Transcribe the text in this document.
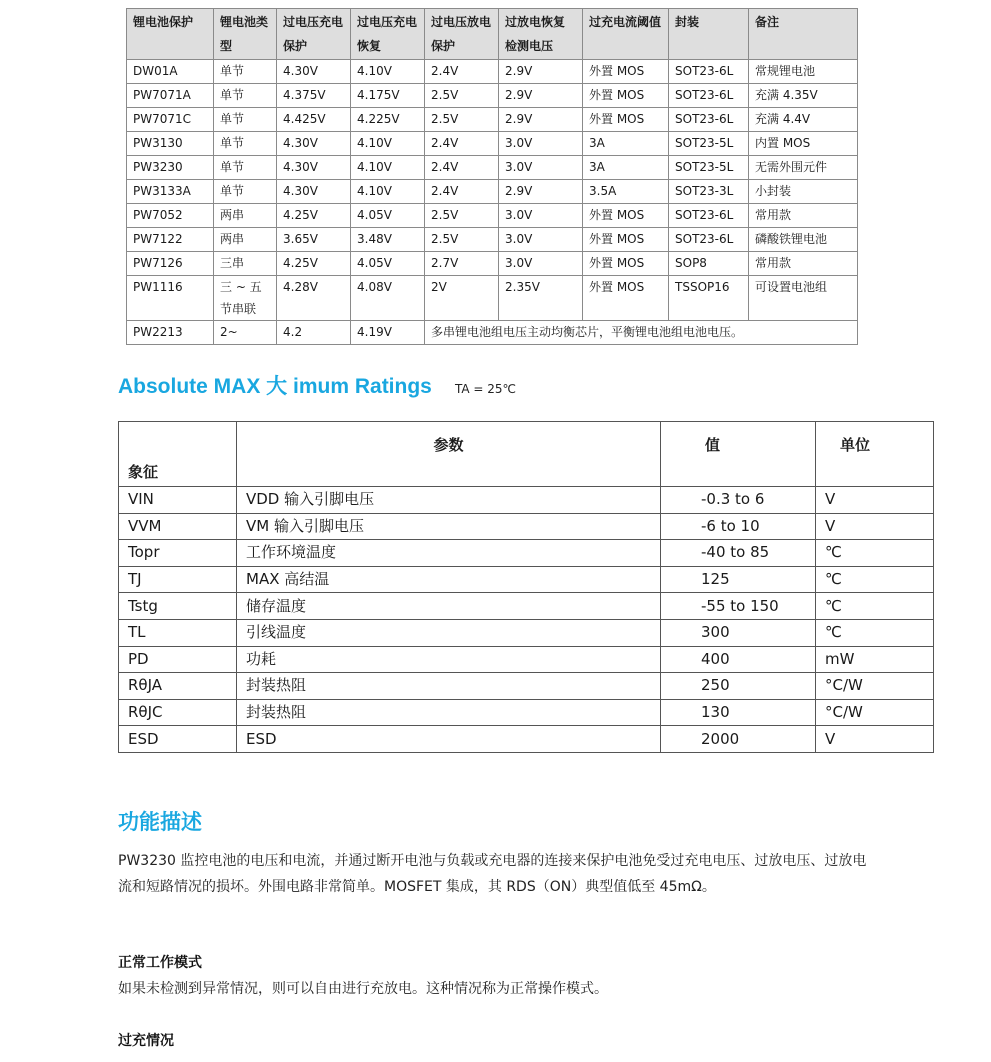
锂电池保护	锂电池类型	过电压充电保护	过电压充电恢复	过电压放电保护	过放电恢复检测电压	过充电流阈值	封装	备注
DW01A	单节	4.30V	4.10V	2.4V	2.9V	外置 MOS	SOT23-6L	常规锂电池
PW7071A	单节	4.375V	4.175V	2.5V	2.9V	外置 MOS	SOT23-6L	充满 4.35V
PW7071C	单节	4.425V	4.225V	2.5V	2.9V	外置 MOS	SOT23-6L	充满 4.4V
PW3130	单节	4.30V	4.10V	2.4V	3.0V	3A	SOT23-5L	内置 MOS
PW3230	单节	4.30V	4.10V	2.4V	3.0V	3A	SOT23-5L	无需外围元件
PW3133A	单节	4.30V	4.10V	2.4V	2.9V	3.5A	SOT23-3L	小封装
PW7052	两串	4.25V	4.05V	2.5V	3.0V	外置 MOS	SOT23-6L	常用款
PW7122	两串	3.65V	3.48V	2.5V	3.0V	外置 MOS	SOT23-6L	磷酸铁锂电池
PW7126	三串	4.25V	4.05V	2.7V	3.0V	外置 MOS	SOP8	常用款
PW1116	三 ~ 五节串联	4.28V	4.08V	2V	2.35V	外置 MOS	TSSOP16	可设置电池组
PW2213	2~	4.2	4.19V	多串锂电池组电压主动均衡芯片，平衡锂电池组电池电压。				
Absolute MAX 大 imum Ratings TA = 25℃
象征	参数	值	单位
VIN	VDD 输入引脚电压	-0.3 to 6	V
VVM	VM 输入引脚电压	-6 to 10	V
Topr	工作环境温度	-40 to 85	℃
TJ	MAX 高结温	125	℃
Tstg	储存温度	-55 to 150	℃
TL	引线温度	300	℃
PD	功耗	400	mW
RθJA	封装热阻	250	°C/W
RθJC	封装热阻	130	°C/W
ESD	ESD	2000	V
功能描述

PW3230 监控电池的电压和电流，并通过断开电池与负载或充电器的连接来保护电池免受过充电电压、过放电压、过放电流和短路情况的损坏。外围电路非常简单。MOSFET 集成，其 RDS（ON）典型值低至 45mΩ。

正常工作模式

如果未检测到异常情况，则可以自由进行充放电。这种情况称为正常操作模式。

过充情况
